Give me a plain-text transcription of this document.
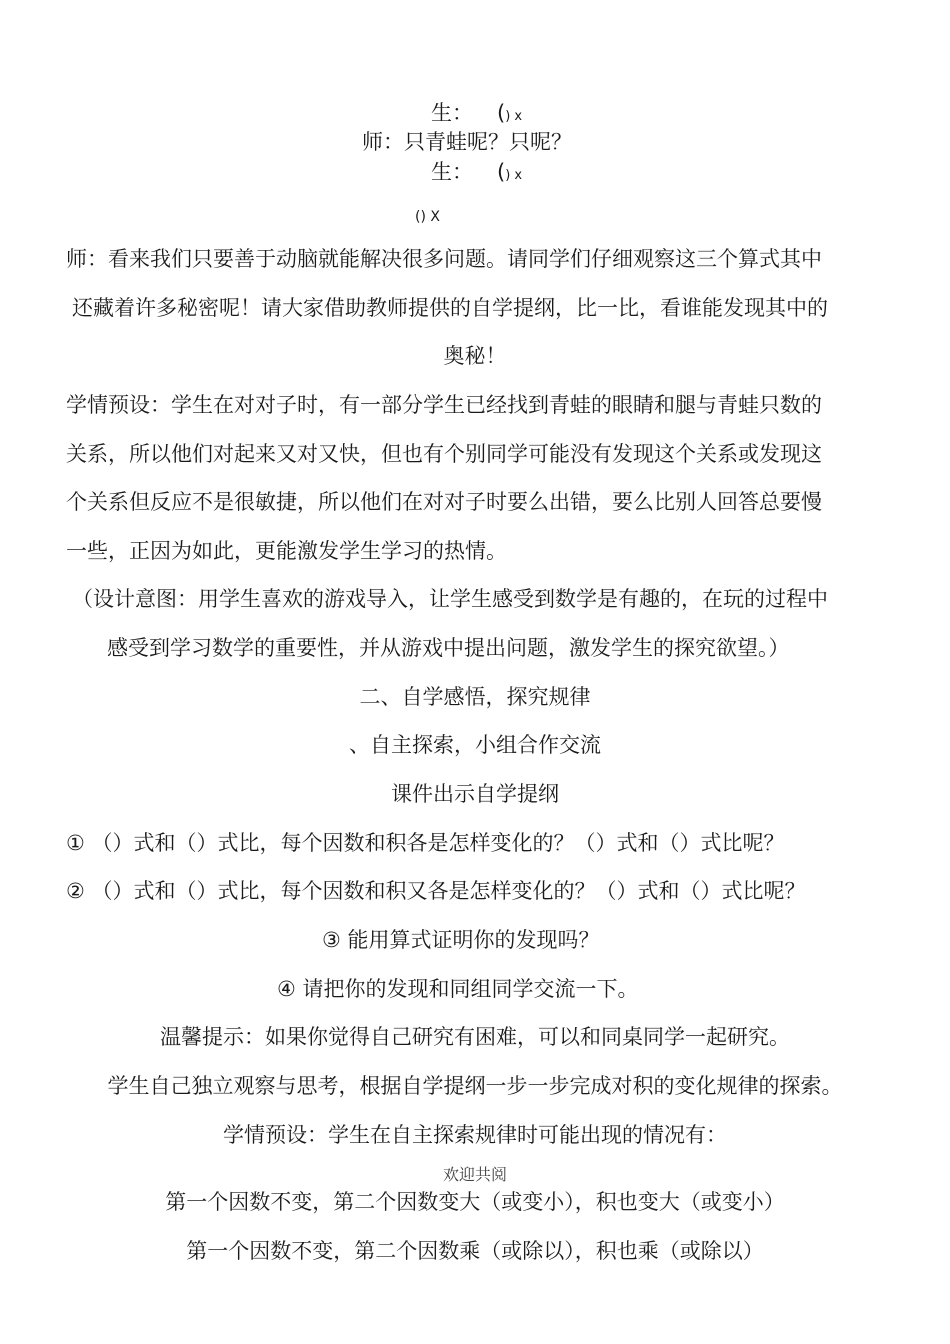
生： () x
师：只青蛙呢？只呢？
生： () x
() X
师：看来我们只要善于动脑就能解决很多问题。请同学们仔细观察这三个算式其中
还藏着许多秘密呢！请大家借助教师提供的自学提纲，比一比，看谁能发现其中的
奥秘！
学情预设：学生在对对子时，有一部分学生已经找到青蛙的眼睛和腿与青蛙只数的
关系，所以他们对起来又对又快，但也有个别同学可能没有发现这个关系或发现这
个关系但反应不是很敏捷，所以他们在对对子时要么出错，要么比别人回答总要慢
一些，正因为如此，更能激发学生学习的热情。
（设计意图：用学生喜欢的游戏导入，让学生感受到数学是有趣的，在玩的过程中
感受到学习数学的重要性，并从游戏中提出问题，激发学生的探究欲望。）
二、自学感悟，探究规律
、自主探索，小组合作交流
课件出示自学提纲
① （）式和（）式比，每个因数和积各是怎样变化的？（）式和（）式比呢？
② （）式和（）式比，每个因数和积又各是怎样变化的？（）式和（）式比呢？
③ 能用算式证明你的发现吗？
④ 请把你的发现和同组同学交流一下。
温馨提示：如果你觉得自己研究有困难，可以和同桌同学一起研究。
学生自己独立观察与思考，根据自学提纲一步一步完成对积的变化规律的探索。
学情预设：学生在自主探索规律时可能出现的情况有：
欢迎共阅
第一个因数不变，第二个因数变大（或变小），积也变大（或变小）
第一个因数不变，第二个因数乘（或除以），积也乘（或除以）
